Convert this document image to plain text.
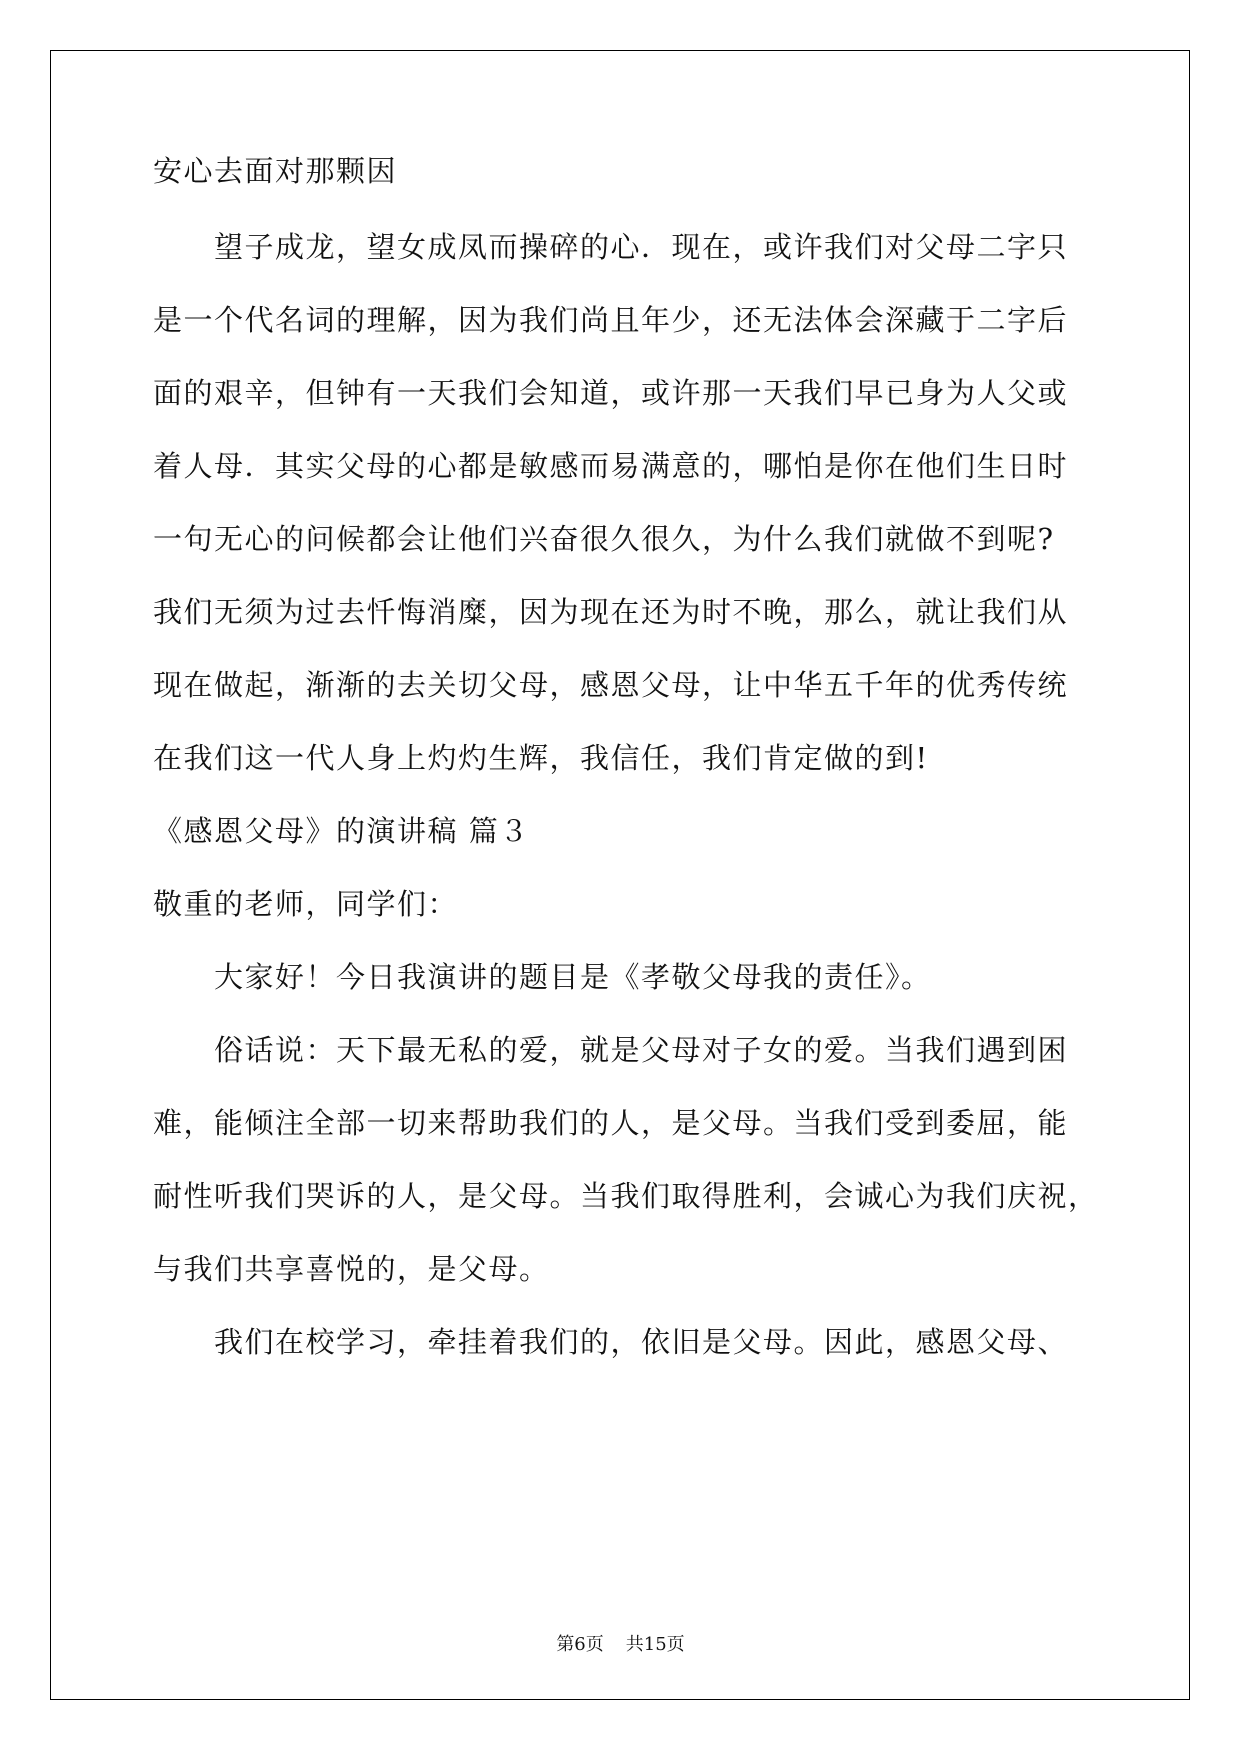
安心去面对那颗因
望子成龙，望女成凤而操碎的心．现在，或许我们对父母二字只
是一个代名词的理解，因为我们尚且年少，还无法体会深藏于二字后
面的艰辛，但钟有一天我们会知道，或许那一天我们早已身为人父或
着人母．其实父母的心都是敏感而易满意的，哪怕是你在他们生日时
一句无心的问候都会让他们兴奋很久很久，为什么我们就做不到呢?
我们无须为过去忏悔消糜，因为现在还为时不晚，那么，就让我们从
现在做起，渐渐的去关切父母，感恩父母，让中华五千年的优秀传统
在我们这一代人身上灼灼生辉，我信任，我们肯定做的到!
《感恩父母》的演讲稿 篇３
敬重的老师，同学们：
大家好！今日我演讲的题目是《孝敬父母我的责任》。
俗话说：天下最无私的爱，就是父母对子女的爱。当我们遇到困
难，能倾注全部一切来帮助我们的人，是父母。当我们受到委屈，能
耐性听我们哭诉的人，是父母。当我们取得胜利，会诚心为我们庆祝，
与我们共享喜悦的，是父母。
我们在校学习，牵挂着我们的，依旧是父母。因此，感恩父母、
第6页 共15页
